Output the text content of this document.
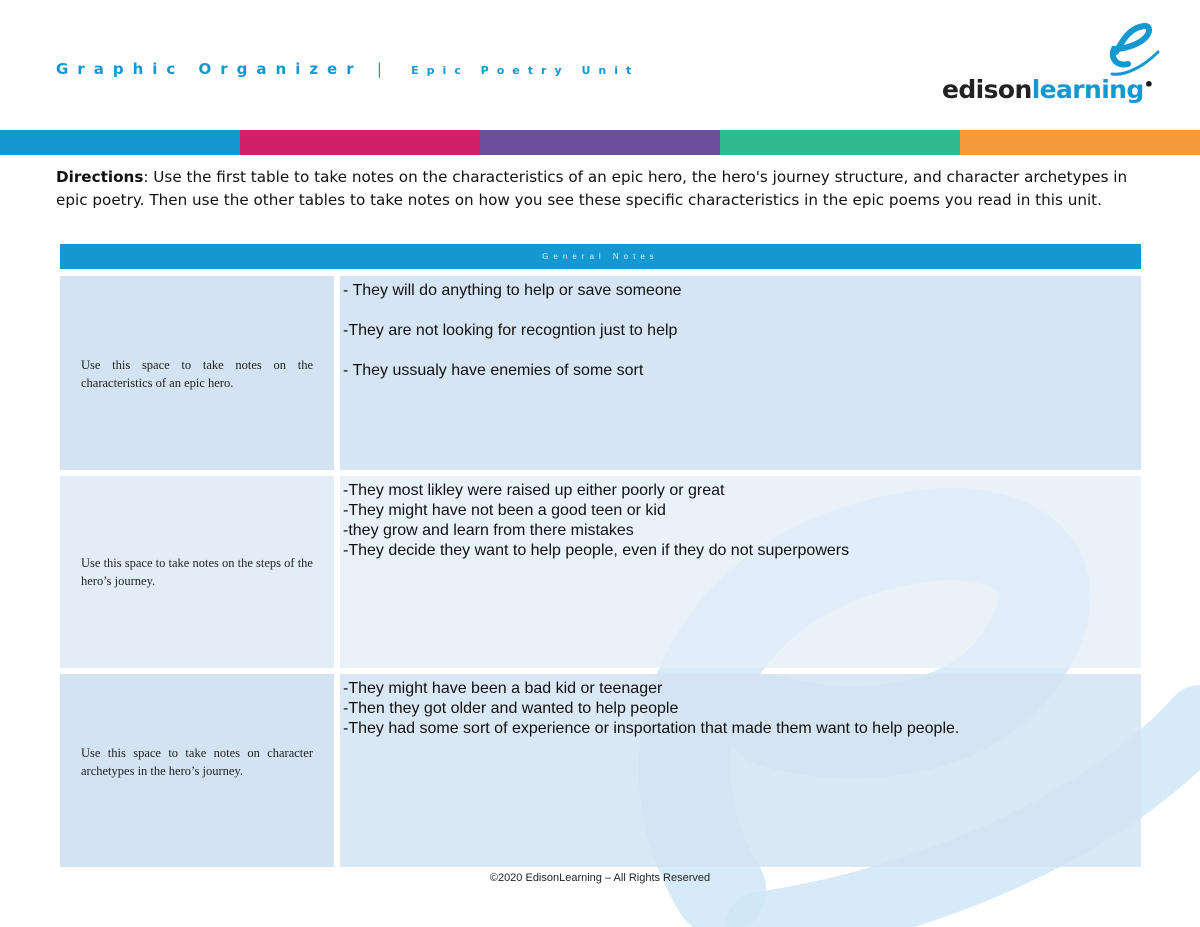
Graphic Organizer | Epic Poetry Unit
edisonlearning•
Directions: Use the first table to take notes on the characteristics of an epic hero, the hero's journey structure, and character archetypes in epic poetry. Then use the other tables to take notes on how you see these specific characteristics in the epic poems you read in this unit.
General Notes
Use this space to take notes on the characteristics of an epic hero.
- They will do anything to help or save someone
-They are not looking for recogntion just to help
- They ussualy have enemies of some sort
Use this space to take notes on the steps of the hero’s journey.
-They most likley were raised up either poorly or great
-They might have not been a good teen or kid
-they grow and learn from there mistakes
-They decide they want to help people, even if they do not superpowers
Use this space to take notes on character archetypes in the hero’s journey.
-They might have been a bad kid or teenager
-Then they got older and wanted to help people
-They had some sort of experience or insportation that made them want to help people.
©2020 EdisonLearning – All Rights Reserved
